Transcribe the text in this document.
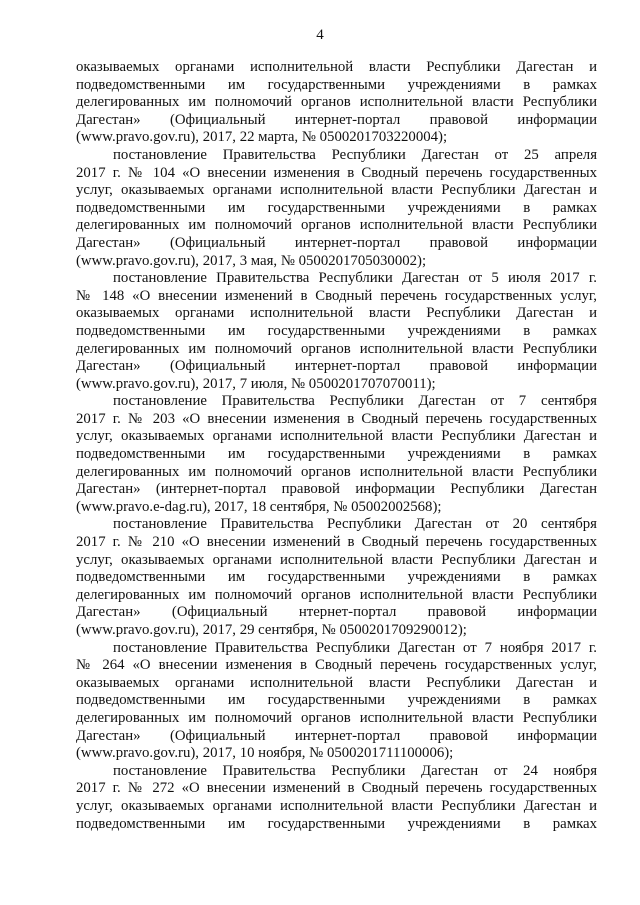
4
оказываемых органами исполнительной власти Республики Дагестан и
подведомственными им государственными учреждениями в рамках
делегированных им полномочий органов исполнительной власти Республики
Дагестан» (Официальный интернет-портал правовой информации
(www.pravo.gov.ru), 2017, 22 марта, № 0500201703220004);
постановление Правительства Республики Дагестан от 25 апреля
2017 г. № 104 «О внесении изменения в Сводный перечень государственных
услуг, оказываемых органами исполнительной власти Республики Дагестан и
подведомственными им государственными учреждениями в рамках
делегированных им полномочий органов исполнительной власти Республики
Дагестан» (Официальный интернет-портал правовой информации
(www.pravo.gov.ru), 2017, 3 мая, № 0500201705030002);
постановление Правительства Республики Дагестан от 5 июля 2017 г.
№ 148 «О внесении изменений в Сводный перечень государственных услуг,
оказываемых органами исполнительной власти Республики Дагестан и
подведомственными им государственными учреждениями в рамках
делегированных им полномочий органов исполнительной власти Республики
Дагестан» (Официальный интернет-портал правовой информации
(www.pravo.gov.ru), 2017, 7 июля, № 0500201707070011);
постановление Правительства Республики Дагестан от 7 сентября
2017 г. № 203 «О внесении изменения в Сводный перечень государственных
услуг, оказываемых органами исполнительной власти Республики Дагестан и
подведомственными им государственными учреждениями в рамках
делегированных им полномочий органов исполнительной власти Республики
Дагестан» (интернет-портал правовой информации Республики Дагестан
(www.pravo.e-dag.ru), 2017, 18 сентября, № 05002002568);
постановление Правительства Республики Дагестан от 20 сентября
2017 г. № 210 «О внесении изменений в Сводный перечень государственных
услуг, оказываемых органами исполнительной власти Республики Дагестан и
подведомственными им государственными учреждениями в рамках
делегированных им полномочий органов исполнительной власти Республики
Дагестан» (Официальный нтернет-портал правовой информации
(www.pravo.gov.ru), 2017, 29 сентября, № 0500201709290012);
постановление Правительства Республики Дагестан от 7 ноября 2017 г.
№ 264 «О внесении изменения в Сводный перечень государственных услуг,
оказываемых органами исполнительной власти Республики Дагестан и
подведомственными им государственными учреждениями в рамках
делегированных им полномочий органов исполнительной власти Республики
Дагестан» (Официальный интернет-портал правовой информации
(www.pravo.gov.ru), 2017, 10 ноября, № 0500201711100006);
постановление Правительства Республики Дагестан от 24 ноября
2017 г. № 272 «О внесении изменений в Сводный перечень государственных
услуг, оказываемых органами исполнительной власти Республики Дагестан и
подведомственными им государственными учреждениями в рамках
